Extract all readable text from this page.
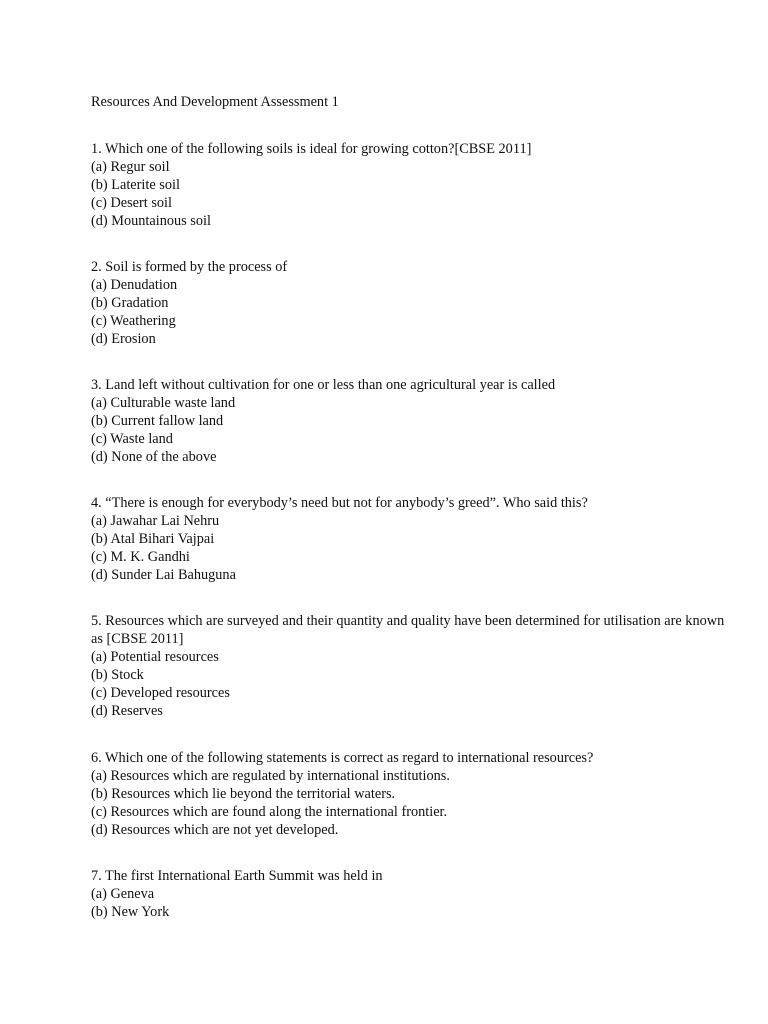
Resources And Development Assessment 1
1. Which one of the following soils is ideal for growing cotton?[CBSE 2011]
(a) Regur soil
(b) Laterite soil
(c) Desert soil
(d) Mountainous soil
2. Soil is formed by the process of
(a) Denudation
(b) Gradation
(c) Weathering
(d) Erosion
3. Land left without cultivation for one or less than one agricultural year is called
(a) Culturable waste land
(b) Current fallow land
(c) Waste land
(d) None of the above
4. “There is enough for everybody’s need but not for anybody’s greed”. Who said this?
(a) Jawahar Lai Nehru
(b) Atal Bihari Vajpai
(c) M. K. Gandhi
(d) Sunder Lai Bahuguna
5. Resources which are surveyed and their quantity and quality have been determined for utilisation are known as [CBSE 2011]
(a) Potential resources
(b) Stock
(c) Developed resources
(d) Reserves
6. Which one of the following statements is correct as regard to international resources?
(a) Resources which are regulated by international institutions.
(b) Resources which lie beyond the territorial waters.
(c) Resources which are found along the international frontier.
(d) Resources which are not yet developed.
7. The first International Earth Summit was held in
(a) Geneva
(b) New York
